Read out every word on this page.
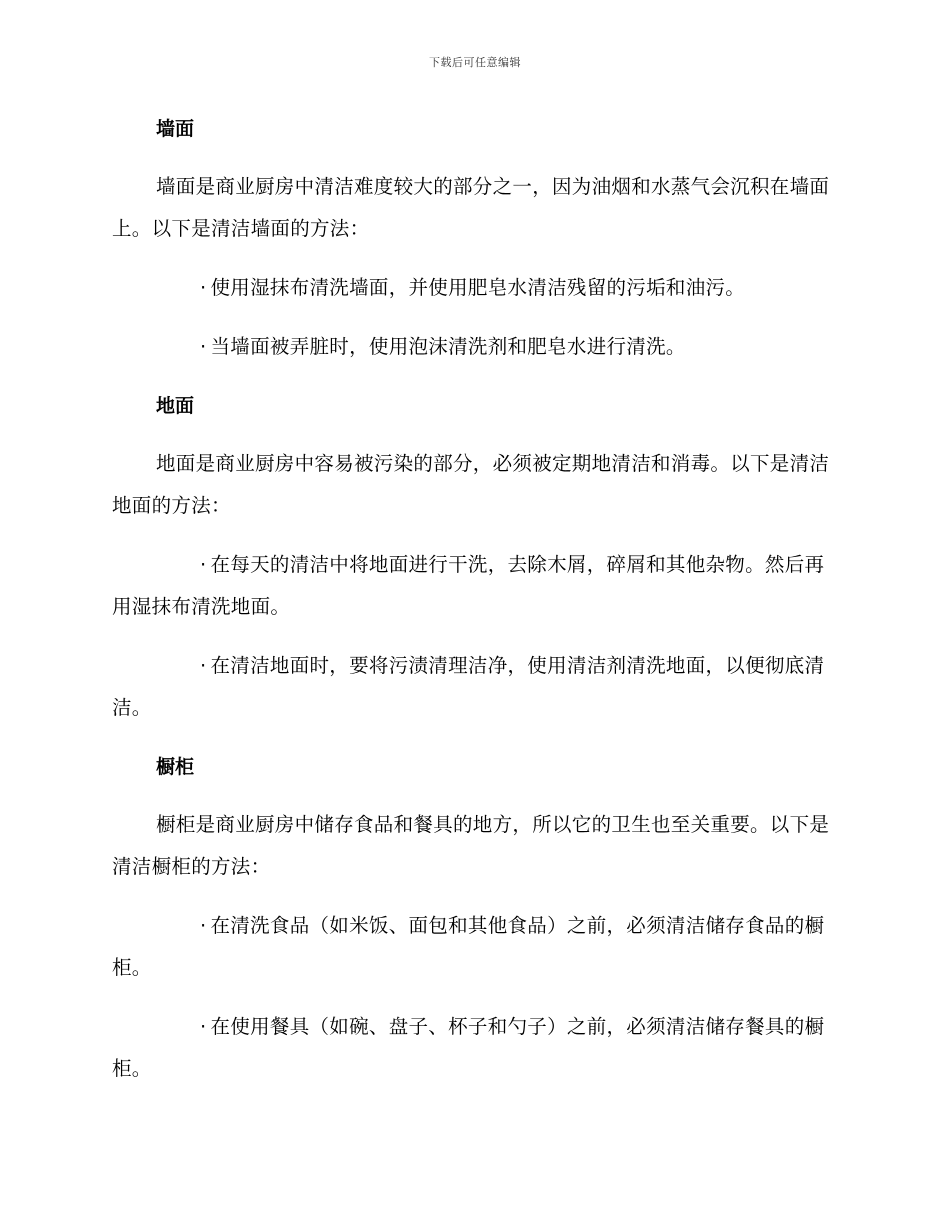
下载后可任意编辑
墙面

墙面是商业厨房中清洁难度较大的部分之一，因为油烟和水蒸气会沉积在墙面上。以下是清洁墙面的方法：

· 使用湿抹布清洗墙面，并使用肥皂水清洁残留的污垢和油污。

· 当墙面被弄脏时，使用泡沫清洗剂和肥皂水进行清洗。

地面

地面是商业厨房中容易被污染的部分，必须被定期地清洁和消毒。以下是清洁地面的方法：

· 在每天的清洁中将地面进行干洗，去除木屑，碎屑和其他杂物。然后再用湿抹布清洗地面。

· 在清洁地面时，要将污渍清理洁净，使用清洁剂清洗地面，以便彻底清洁。

橱柜

橱柜是商业厨房中储存食品和餐具的地方，所以它的卫生也至关重要。以下是清洁橱柜的方法：

· 在清洗食品（如米饭、面包和其他食品）之前，必须清洁储存食品的橱柜。

· 在使用餐具（如碗、盘子、杯子和勺子）之前，必须清洁储存餐具的橱柜。
